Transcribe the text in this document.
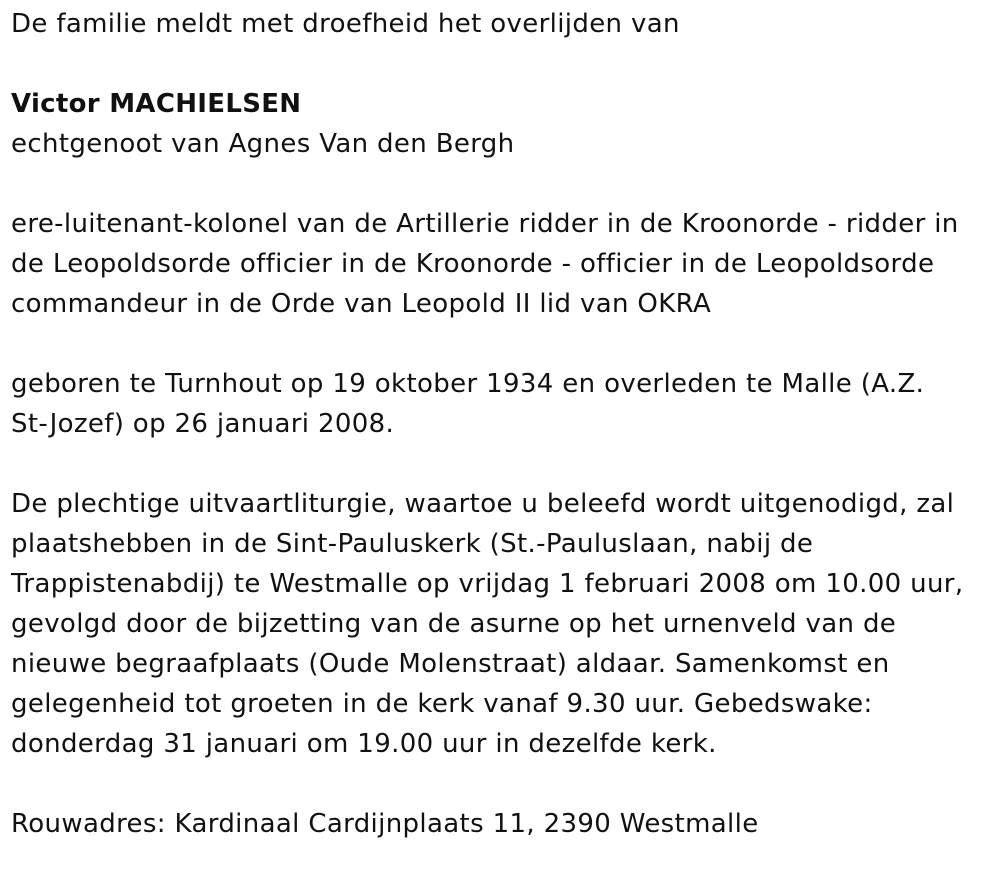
De familie meldt met droefheid het overlijden van
Victor MACHIELSEN
echtgenoot van Agnes Van den Bergh
ere-luitenant-kolonel van de Artillerie ridder in de Kroonorde - ridder in
de Leopoldsorde officier in de Kroonorde - officier in de Leopoldsorde
commandeur in de Orde van Leopold II lid van OKRA
geboren te Turnhout op 19 oktober 1934 en overleden te Malle (A.Z.
St-Jozef) op 26 januari 2008.
De plechtige uitvaartliturgie, waartoe u beleefd wordt uitgenodigd, zal
plaatshebben in de Sint-Pauluskerk (St.-Pauluslaan, nabij de
Trappistenabdij) te Westmalle op vrijdag 1 februari 2008 om 10.00 uur,
gevolgd door de bijzetting van de asurne op het urnenveld van de
nieuwe begraafplaats (Oude Molenstraat) aldaar. Samenkomst en
gelegenheid tot groeten in de kerk vanaf 9.30 uur. Gebedswake:
donderdag 31 januari om 19.00 uur in dezelfde kerk.
Rouwadres: Kardinaal Cardijnplaats 11, 2390 Westmalle
